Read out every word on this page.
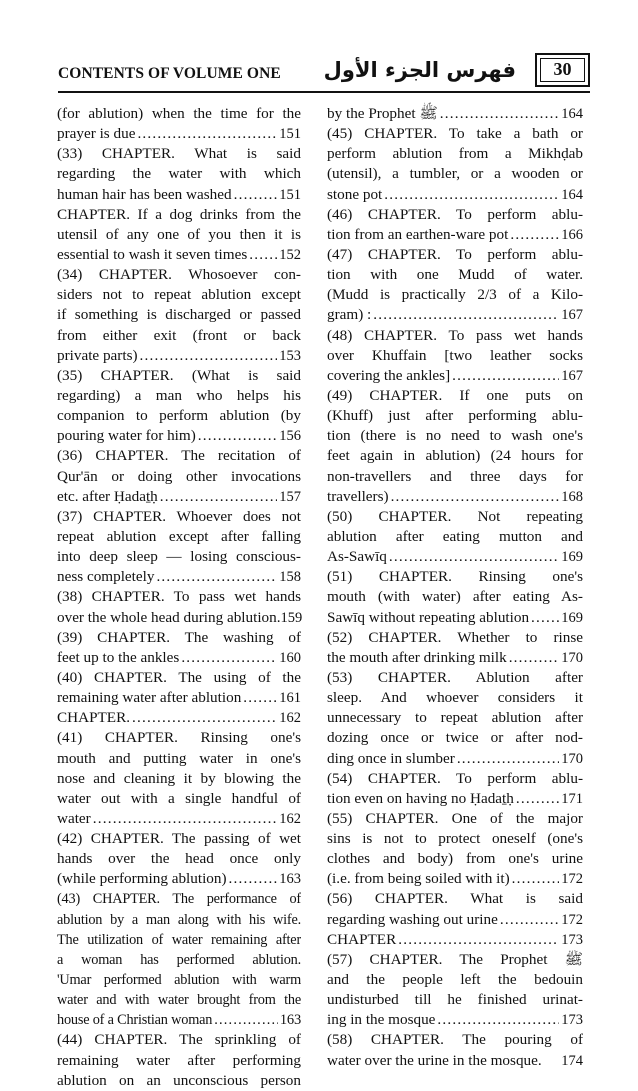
CONTENTS OF VOLUME ONE فهرس الجزء الأول	30
(for ablution) when the time for the
prayer is due .....	151
(33) CHAPTER. What is said
regarding the water with which
human hair has been washed .....	151
CHAPTER. If a dog drinks from the
utensil of any one of you then it is
essential to wash it seven times ..... 152
(34) CHAPTER. Whosoever con-
siders not to repeat ablution except
if something is discharged or passed
from either exit (front or back
private parts) .....	153
(35) CHAPTER. (What is said
regarding) a man who helps his
companion to perform ablution (by
pouring water for him) .....	156
(36) CHAPTER. The recitation of
Qur'ān or doing other invocations
etc. after Ḥadaṯḥ .....	157
(37) CHAPTER. Whoever does not
repeat ablution except after falling
into deep sleep — losing conscious-
ness completely .....	158
(38) CHAPTER. To pass wet hands
over the whole head during ablution. 159
(39) CHAPTER. The washing of
feet up to the ankles .....	160
(40) CHAPTER. The using of the
remaining water after ablution .....	161
CHAPTER. .....	162
(41) CHAPTER. Rinsing one's
mouth and putting water in one's
nose and cleaning it by blowing the
water out with a single handful of
water .....	162
(42) CHAPTER. The passing of wet
hands over the head once only
(while performing ablution) .....	163
(43) CHAPTER. The performance of
ablution by a man along with his wife.
The utilization of water remaining after
a woman has performed ablution.
'Umar performed ablution with warm
water and with water brought from the
house of a Christian woman .....	163
(44) CHAPTER. The sprinkling of
remaining water after performing
ablution on an unconscious person
by the Prophet ﷺ .....	164
(45) CHAPTER. To take a bath or
perform ablution from a Mikhḍab
(utensil), a tumbler, or a wooden or
stone pot .....	164
(46) CHAPTER. To perform ablu-
tion from an earthen-ware pot .....	166
(47) CHAPTER. To perform ablu-
tion with one Mudd of water.
(Mudd is practically 2/3 of a Kilo-
gram) : .....	167
(48) CHAPTER. To pass wet hands
over Khuffain [two leather socks
covering the ankles] .....	167
(49) CHAPTER. If one puts on
(Khuff) just after performing ablu-
tion (there is no need to wash one's
feet again in ablution) (24 hours for
non-travellers and three days for
travellers) .....	168
(50) CHAPTER. Not repeating
ablution after eating mutton and
As-Sawīq .....	169
(51) CHAPTER. Rinsing one's
mouth (with water) after eating As-
Sawīq without repeating ablution ..... 169
(52) CHAPTER. Whether to rinse
the mouth after drinking milk .....	170
(53) CHAPTER. Ablution after
sleep. And whoever considers it
unnecessary to repeat ablution after
dozing once or twice or after nod-
ding once in slumber .....	170
(54) CHAPTER. To perform ablu-
tion even on having no Ḥadaṯḥ .....	171
(55) CHAPTER. One of the major
sins is not to protect oneself (one's
clothes and body) from one's urine
(i.e. from being soiled with it) .....	172
(56) CHAPTER. What is said
regarding washing out urine .....	172
CHAPTER .....	173
(57) CHAPTER. The Prophet ﷺ
and the people left the bedouin
undisturbed till he finished urinat-
ing in the mosque .....	173
(58) CHAPTER. The pouring of
water over the urine in the mosque. 174
